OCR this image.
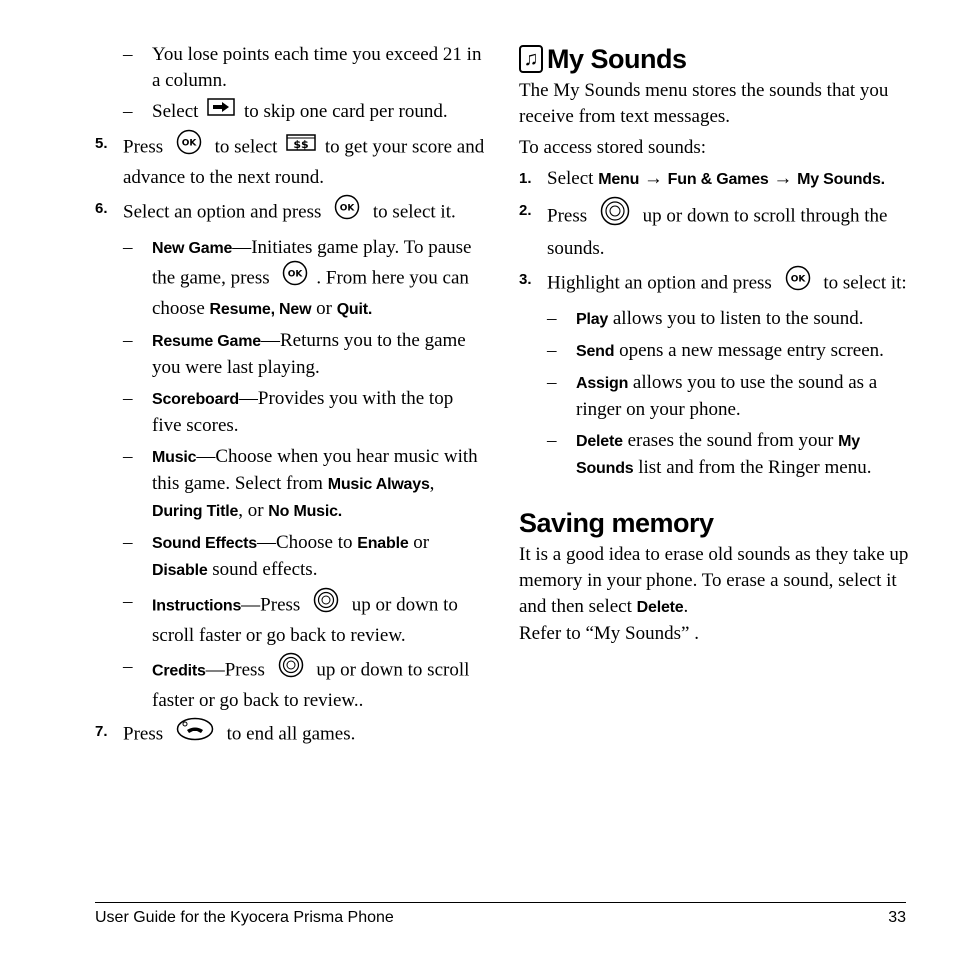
–	You lose points each time you exceed 21 in a column.
–	Select to skip one card per round.
5. Press OK to select $$ to get your score and advance to the next round.
6. Select an option and press OK to select it.
–	New Game—Initiates game play. To pause the game, press OK . From here you can choose Resume, New or Quit.
–	Resume Game—Returns you to the game you were last playing.
–	Scoreboard—Provides you with the top five scores.
–	Music—Choose when you hear music with this game. Select from Music Always, During Title, or No Music.
–	Sound Effects—Choose to Enable or Disable sound effects.
–	Instructions—Press	up or down to scroll faster or go back to review.
–	Credits—Press	up or down to scroll faster or go back to review..
7. Press	to end all games.
♫ My Sounds

The My Sounds menu stores the sounds that you receive from text messages.

To access stored sounds:

1. Select Menu → Fun & Games → My Sounds.
2. Press	up or down to scroll through the sounds.
3. Highlight an option and press OK to select it:
–	Play allows you to listen to the sound.
–	Send opens a new message entry screen.
–	Assign allows you to use the sound as a ringer on your phone.
–	Delete erases the sound from your My Sounds list and from the Ringer menu.
Saving memory

It is a good idea to erase old sounds as they take up memory in your phone. To erase a sound, select it and then select Delete.

Refer to “My Sounds” .

User Guide for the Kyocera Prisma Phone	33
